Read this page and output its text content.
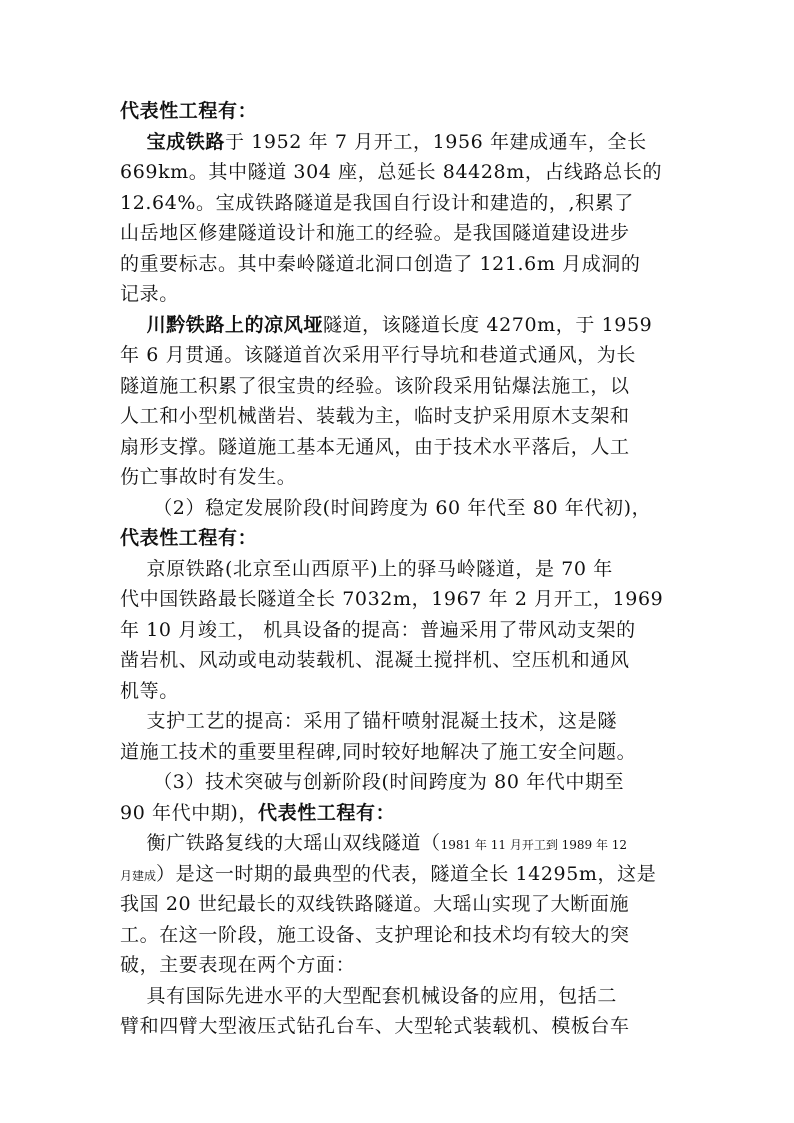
代表性工程有：
宝成铁路于 1952 年 7 月开工，1956 年建成通车，全长
669km。其中隧道 304 座，总延长 84428m，占线路总长的
12.64%。宝成铁路隧道是我国自行设计和建造的，,积累了
山岳地区修建隧道设计和施工的经验。是我国隧道建设进步
的重要标志。其中秦岭隧道北洞口创造了 121.6m 月成洞的
记录。
川黔铁路上的凉风垭隧道，该隧道长度 4270m，于 1959
年 6 月贯通。该隧道首次采用平行导坑和巷道式通风，为长
隧道施工积累了很宝贵的经验。该阶段采用钻爆法施工，以
人工和小型机械凿岩、装载为主，临时支护采用原木支架和
扇形支撑。隧道施工基本无通风，由于技术水平落后，人工
伤亡事故时有发生。
（2）稳定发展阶段(时间跨度为 60 年代至 80 年代初)，
代表性工程有：
京原铁路(北京至山西原平)上的驿马岭隧道，是 70 年
代中国铁路最长隧道全长 7032m，1967 年 2 月开工，1969
年 10 月竣工， 机具设备的提高：普遍采用了带风动支架的
凿岩机、风动或电动装载机、混凝土搅拌机、空压机和通风
机等。
支护工艺的提高：采用了锚杆喷射混凝土技术，这是隧
道施工技术的重要里程碑,同时较好地解决了施工安全问题。
（3）技术突破与创新阶段(时间跨度为 80 年代中期至
90 年代中期)，代表性工程有：
衡广铁路复线的大瑶山双线隧道（1981 年 11 月开工到 1989 年 12
月建成）是这一时期的最典型的代表，隧道全长 14295m，这是
我国 20 世纪最长的双线铁路隧道。大瑶山实现了大断面施
工。在这一阶段，施工设备、支护理论和技术均有较大的突
破，主要表现在两个方面：
具有国际先进水平的大型配套机械设备的应用，包括二
臂和四臂大型液压式钻孔台车、大型轮式装载机、模板台车
